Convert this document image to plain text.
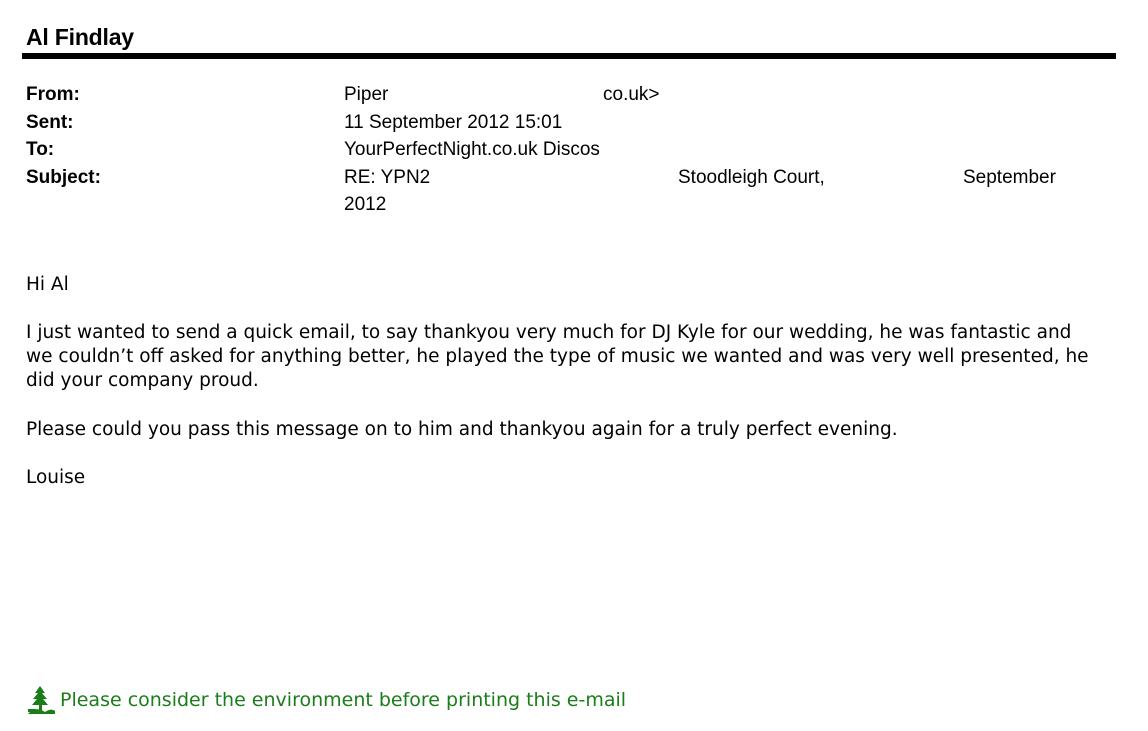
Al Findlay
From:	Piper	co.uk>
Sent:	11 September 2012 15:01
To:	YourPerfectNight.co.uk Discos
Subject:	RE: YPN2	Stoodleigh Court,	September
2012
Hi Al
I just wanted to send a quick email, to say thankyou very much for DJ Kyle for our wedding, he was fantastic and
we couldn’t off asked for anything better, he played the type of music we wanted and was very well presented, he
did your company proud.
Please could you pass this message on to him and thankyou again for a truly perfect evening.
Louise
Please consider the environment before printing this e-mail
